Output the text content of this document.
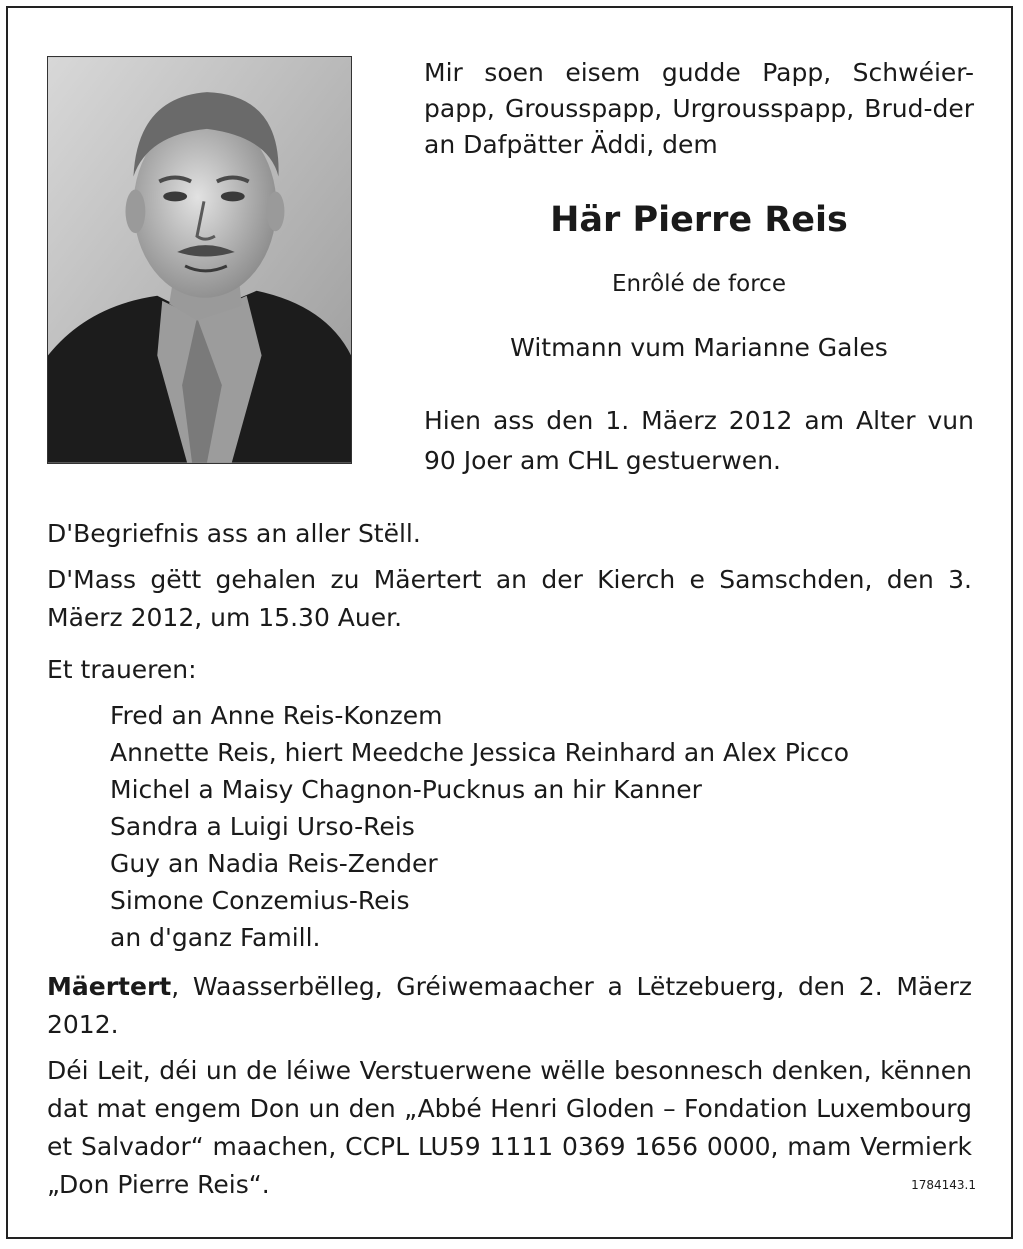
Mir soen eisem gudde Papp, Schwéier-papp, Grousspapp, Urgrousspapp, Brud-der an Dafpätter Äddi, dem
Här Pierre Reis
Enrôlé de force
Witmann vum Marianne Gales
Hien ass den 1. Mäerz 2012 am Alter vun 90 Joer am CHL gestuerwen.
D'Begriefnis ass an aller Stëll.
D'Mass gëtt gehalen zu Mäertert an der Kierch e Samschden, den 3. Mäerz 2012, um 15.30 Auer.
Et traueren:
Fred an Anne Reis-Konzem
Annette Reis, hiert Meedche Jessica Reinhard an Alex Picco
Michel a Maisy Chagnon-Pucknus an hir Kanner
Sandra a Luigi Urso-Reis
Guy an Nadia Reis-Zender
Simone Conzemius-Reis
an d'ganz Famill.
Mäertert, Waasserbëlleg, Gréiwemaacher a Lëtzebuerg, den 2. Mäerz 2012.
Déi Leit, déi un de léiwe Verstuerwene wëlle besonnesch denken, kënnen dat mat engem Don un den „Abbé Henri Gloden – Fondation Luxembourg et Salvador“ maachen, CCPL LU59 1111 0369 1656 0000, mam Vermierk „Don Pierre Reis“.	1784143.1
